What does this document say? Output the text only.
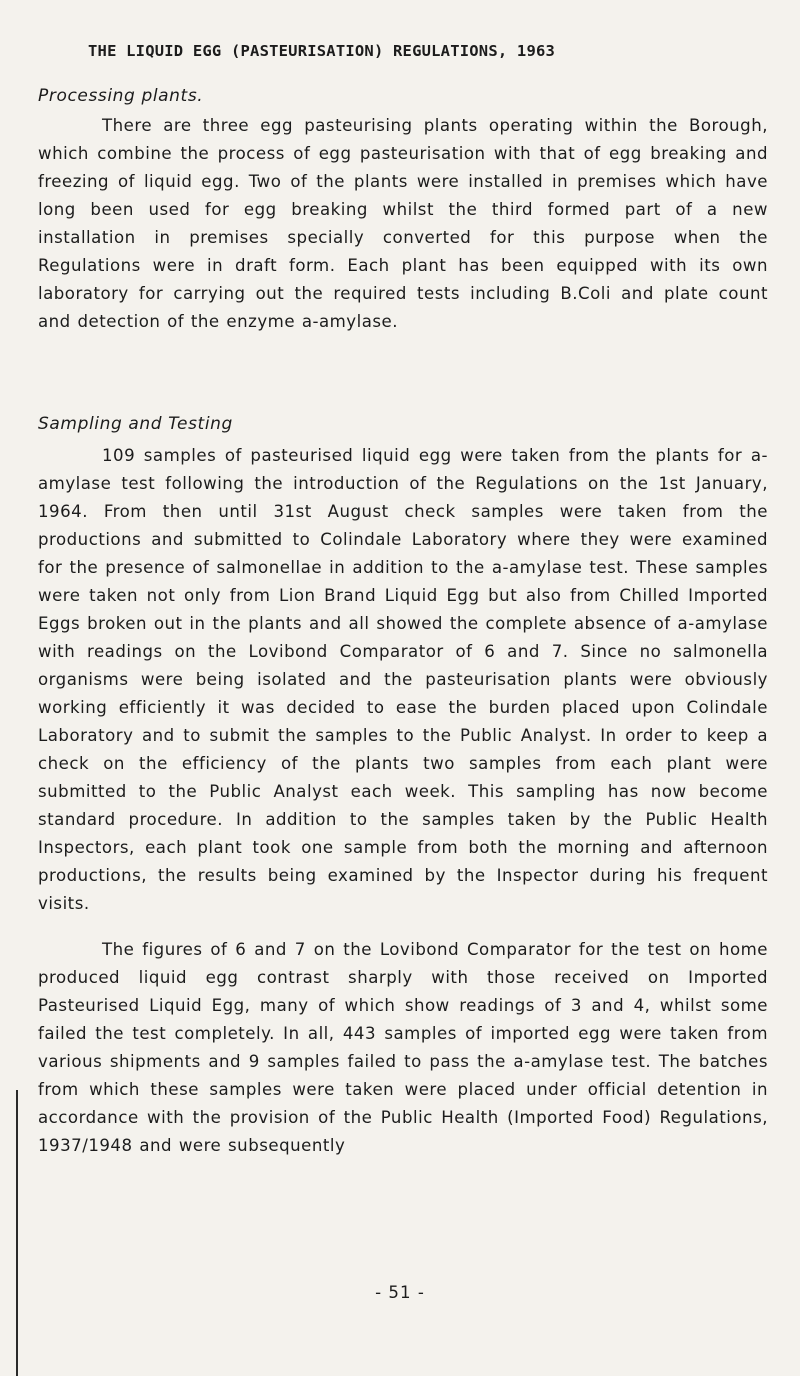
THE LIQUID EGG (PASTEURISATION) REGULATIONS, 1963
Processing plants.

There are three egg pasteurising plants operating within the Borough, which combine the process of egg pasteurisation with that of egg breaking and freezing of liquid egg. Two of the plants were installed in premises which have long been used for egg breaking whilst the third formed part of a new installation in premises specially converted for this purpose when the Regulations were in draft form. Each plant has been equipped with its own laboratory for carrying out the required tests including B.Coli and plate count and detection of the enzyme a-amylase.

Sampling and Testing

109 samples of pasteurised liquid egg were taken from the plants for a-amylase test following the introduction of the Regulations on the 1st January, 1964. From then until 31st August check samples were taken from the productions and submitted to Colindale Laboratory where they were examined for the presence of salmonellae in addition to the a-amylase test. These samples were taken not only from Lion Brand Liquid Egg but also from Chilled Imported Eggs broken out in the plants and all showed the complete absence of a-amylase with readings on the Lovibond Comparator of 6 and 7. Since no salmonella organisms were being isolated and the pasteurisation plants were obviously working efficiently it was decided to ease the burden placed upon Colindale Laboratory and to submit the samples to the Public Analyst. In order to keep a check on the efficiency of the plants two samples from each plant were submitted to the Public Analyst each week. This sampling has now become standard procedure. In addition to the samples taken by the Public Health Inspectors, each plant took one sample from both the morning and afternoon productions, the results being examined by the Inspector during his frequent visits.

The figures of 6 and 7 on the Lovibond Comparator for the test on home produced liquid egg contrast sharply with those received on Imported Pasteurised Liquid Egg, many of which show readings of 3 and 4, whilst some failed the test completely. In all, 443 samples of imported egg were taken from various shipments and 9 samples failed to pass the a-amylase test. The batches from which these samples were taken were placed under official detention in accordance with the provision of the Public Health (Imported Food) Regulations, 1937/1948 and were subsequently

- 51 -
